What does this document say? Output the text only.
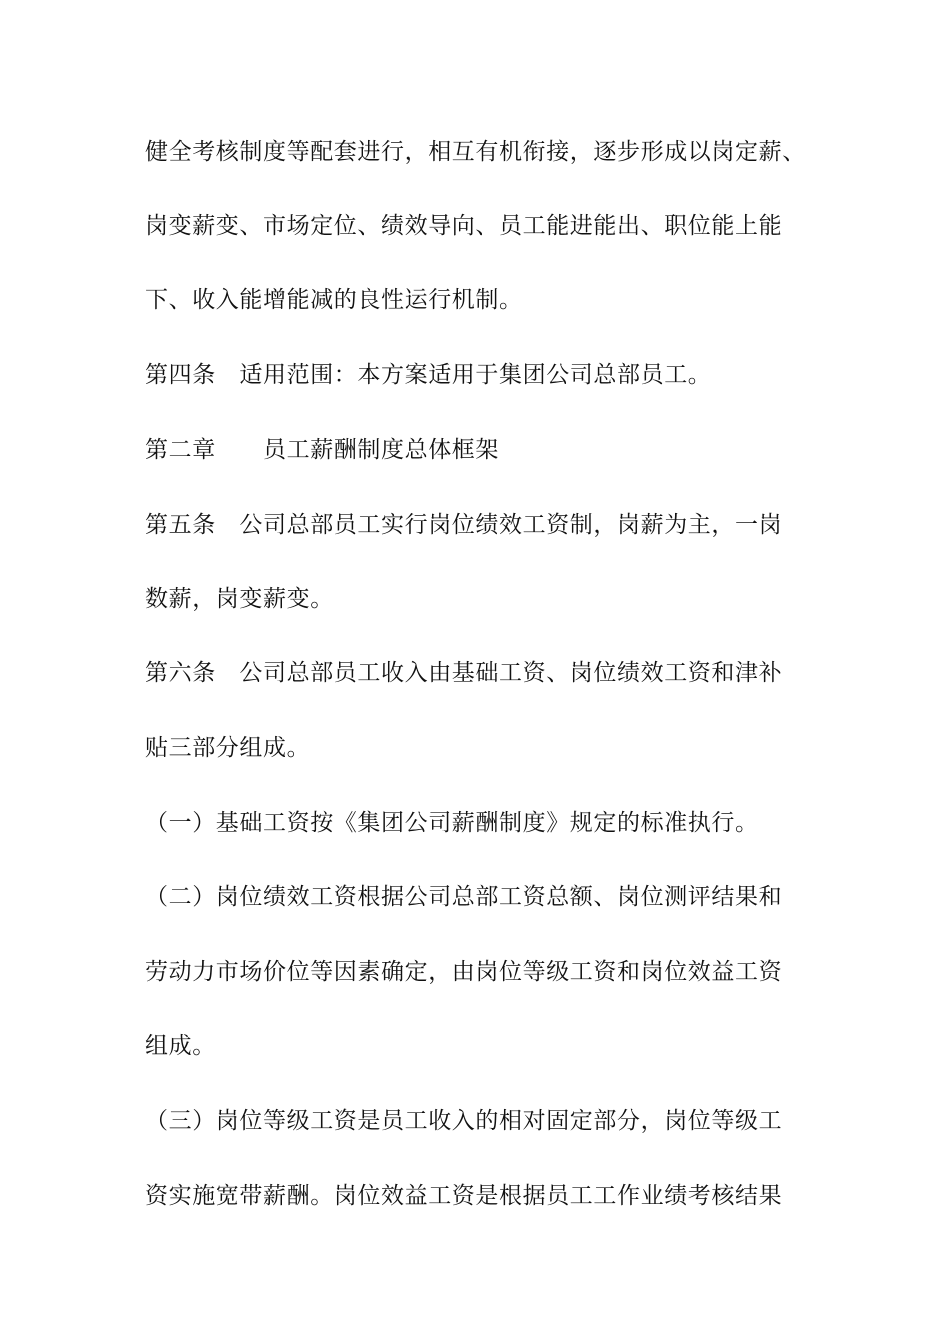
健全考核制度等配套进行，相互有机衔接，逐步形成以岗定薪、
岗变薪变、市场定位、绩效导向、员工能进能出、职位能上能
下、收入能增能减的良性运行机制。
第四条　适用范围：本方案适用于集团公司总部员工。
第二章　　员工薪酬制度总体框架
第五条　公司总部员工实行岗位绩效工资制，岗薪为主，一岗
数薪，岗变薪变。
第六条　公司总部员工收入由基础工资、岗位绩效工资和津补
贴三部分组成。
（一）基础工资按《集团公司薪酬制度》规定的标准执行。
（二）岗位绩效工资根据公司总部工资总额、岗位测评结果和
劳动力市场价位等因素确定，由岗位等级工资和岗位效益工资
组成。
（三）岗位等级工资是员工收入的相对固定部分，岗位等级工
资实施宽带薪酬。岗位效益工资是根据员工工作业绩考核结果
